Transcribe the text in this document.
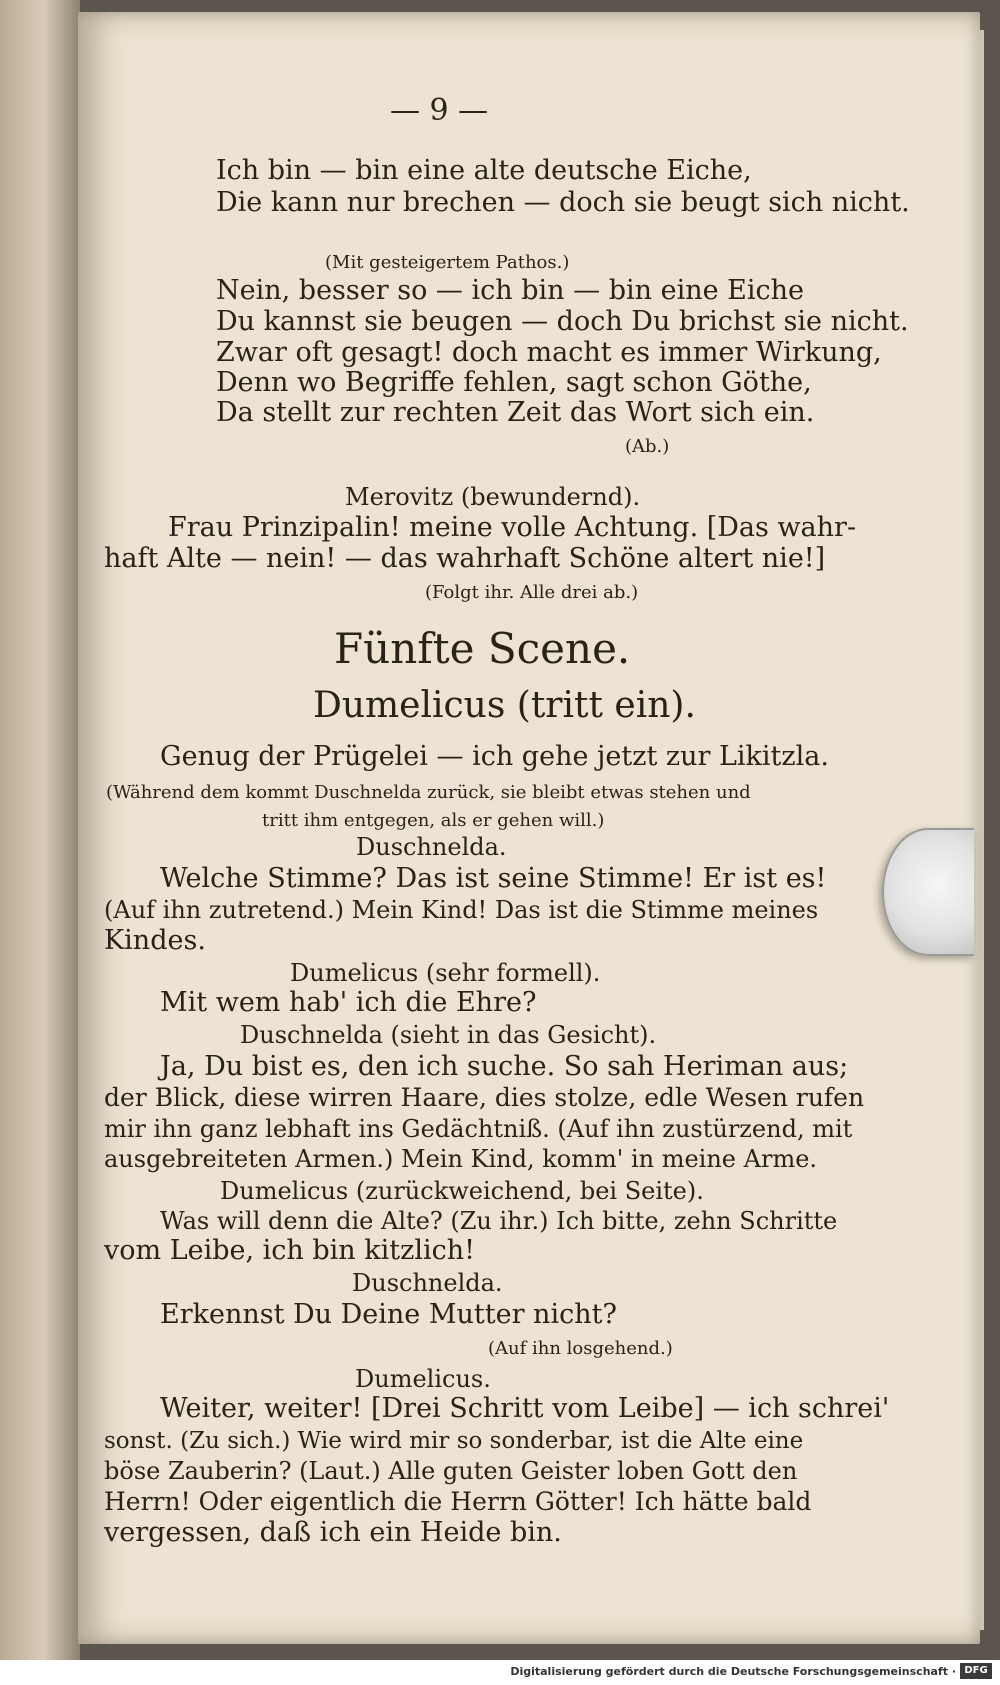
— 9 —
Ich bin — bin eine alte deutsche Eiche,
Die kann nur brechen — doch sie beugt sich nicht.
(Mit gesteigertem Pathos.)
Nein, besser so — ich bin — bin eine Eiche
Du kannst sie beugen — doch Du brichst sie nicht.
Zwar oft gesagt! doch macht es immer Wirkung,
Denn wo Begriffe fehlen, sagt schon Göthe,
Da stellt zur rechten Zeit das Wort sich ein.
(Ab.)
Merovitz (bewundernd).
Frau Prinzipalin! meine volle Achtung. [Das wahr-
haft Alte — nein! — das wahrhaft Schöne altert nie!]
(Folgt ihr. Alle drei ab.)
Fünfte Scene.
Dumelicus (tritt ein).
Genug der Prügelei — ich gehe jetzt zur Likitzla.
(Während dem kommt Duschnelda zurück, sie bleibt etwas stehen und
tritt ihm entgegen, als er gehen will.)
Duschnelda.
Welche Stimme? Das ist seine Stimme! Er ist es!
(Auf ihn zutretend.) Mein Kind! Das ist die Stimme meines
Kindes.
Dumelicus (sehr formell).
Mit wem hab' ich die Ehre?
Duschnelda (sieht in das Gesicht).
Ja, Du bist es, den ich suche. So sah Heriman aus;
der Blick, diese wirren Haare, dies stolze, edle Wesen rufen
mir ihn ganz lebhaft ins Gedächtniß. (Auf ihn zustürzend, mit
ausgebreiteten Armen.) Mein Kind, komm' in meine Arme.
Dumelicus (zurückweichend, bei Seite).
Was will denn die Alte? (Zu ihr.) Ich bitte, zehn Schritte
vom Leibe, ich bin kitzlich!
Duschnelda.
Erkennst Du Deine Mutter nicht?
(Auf ihn losgehend.)
Dumelicus.
Weiter, weiter! [Drei Schritt vom Leibe] — ich schrei'
sonst. (Zu sich.) Wie wird mir so sonderbar, ist die Alte eine
böse Zauberin? (Laut.) Alle guten Geister loben Gott den
Herrn! Oder eigentlich die Herrn Götter! Ich hätte bald
vergessen, daß ich ein Heide bin.
Digitalisierung gefördert durch die Deutsche Forschungsgemeinschaft · DFG
